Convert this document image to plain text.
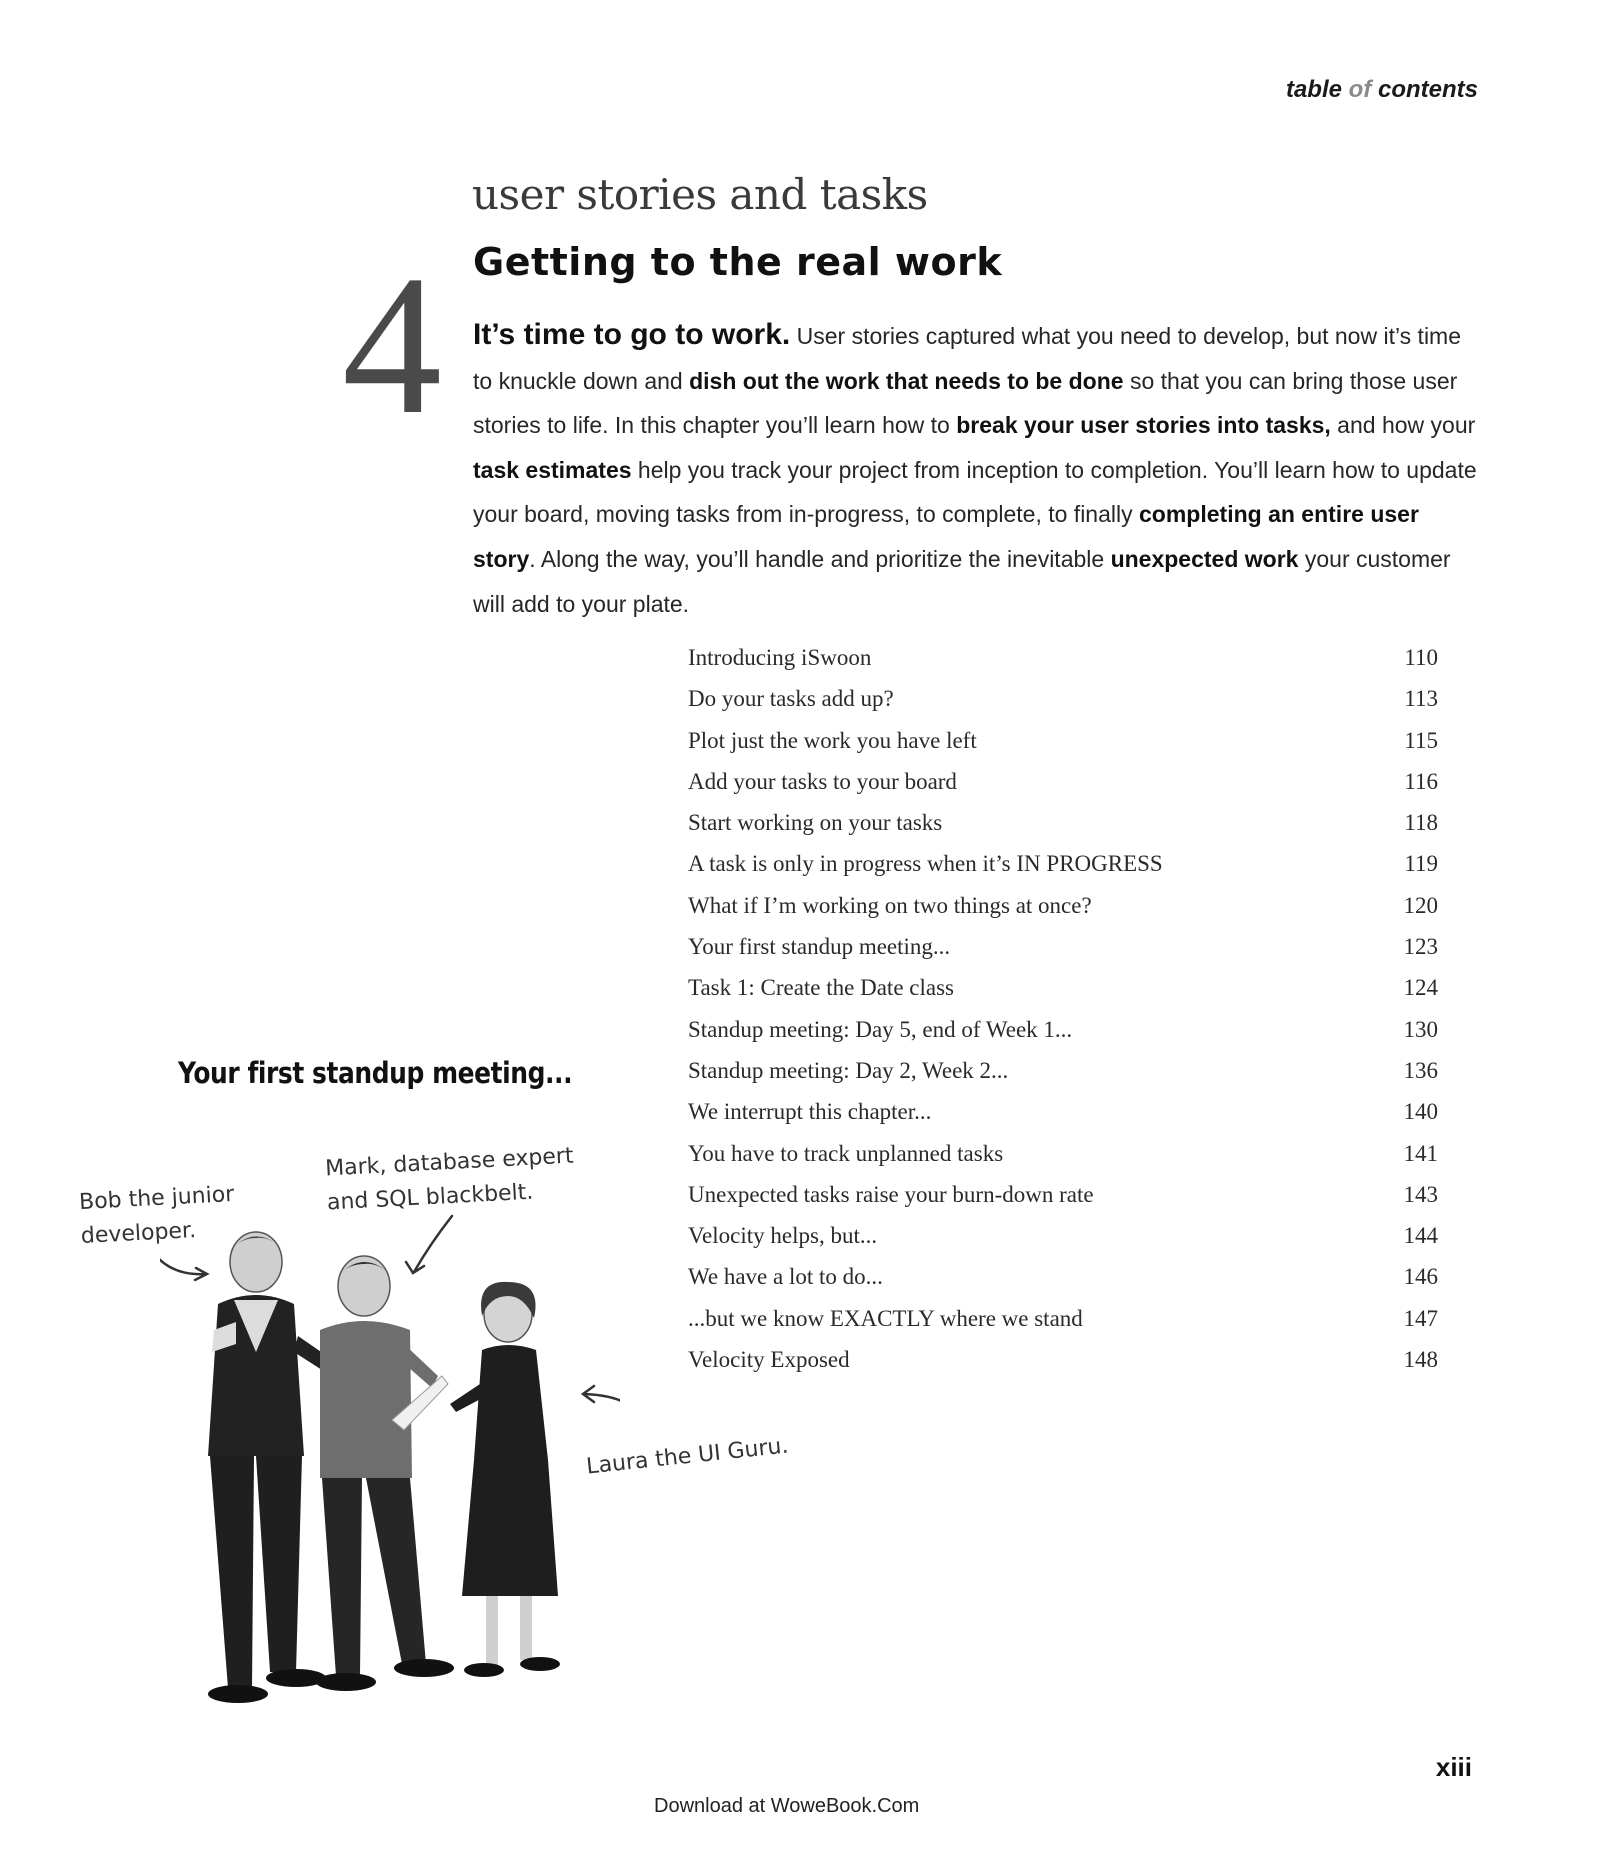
table of contents
4
user stories and tasks
Getting to the real work
It’s time to go to work. User stories captured what you need to develop, but now it’s time to knuckle down and dish out the work that needs to be done so that you can bring those user stories to life. In this chapter you’ll learn how to break your user stories into tasks, and how your task estimates help you track your project from inception to completion. You’ll learn how to update your board, moving tasks from in-progress, to complete, to finally completing an entire user story. Along the way, you’ll handle and prioritize the inevitable unexpected work your customer will add to your plate.
Introducing iSwoon	110
Do your tasks add up?	113
Plot just the work you have left	115
Add your tasks to your board	116
Start working on your tasks	118
A task is only in progress when it’s IN PROGRESS	119
What if I’m working on two things at once?	120
Your first standup meeting...	123
Task 1: Create the Date class	124
Standup meeting: Day 5, end of Week 1...	130
Standup meeting: Day 2, Week 2...	136
We interrupt this chapter...	140
You have to track unplanned tasks	141
Unexpected tasks raise your burn-down rate	143
Velocity helps, but...	144
We have a lot to do...	146
...but we know EXACTLY where we stand	147
Velocity Exposed	148
Your first standup meeting...
Bob the junior
developer.
Mark, database expert
and SQL blackbelt.
Laura the UI Guru.
xiii
Download at WoweBook.Com
